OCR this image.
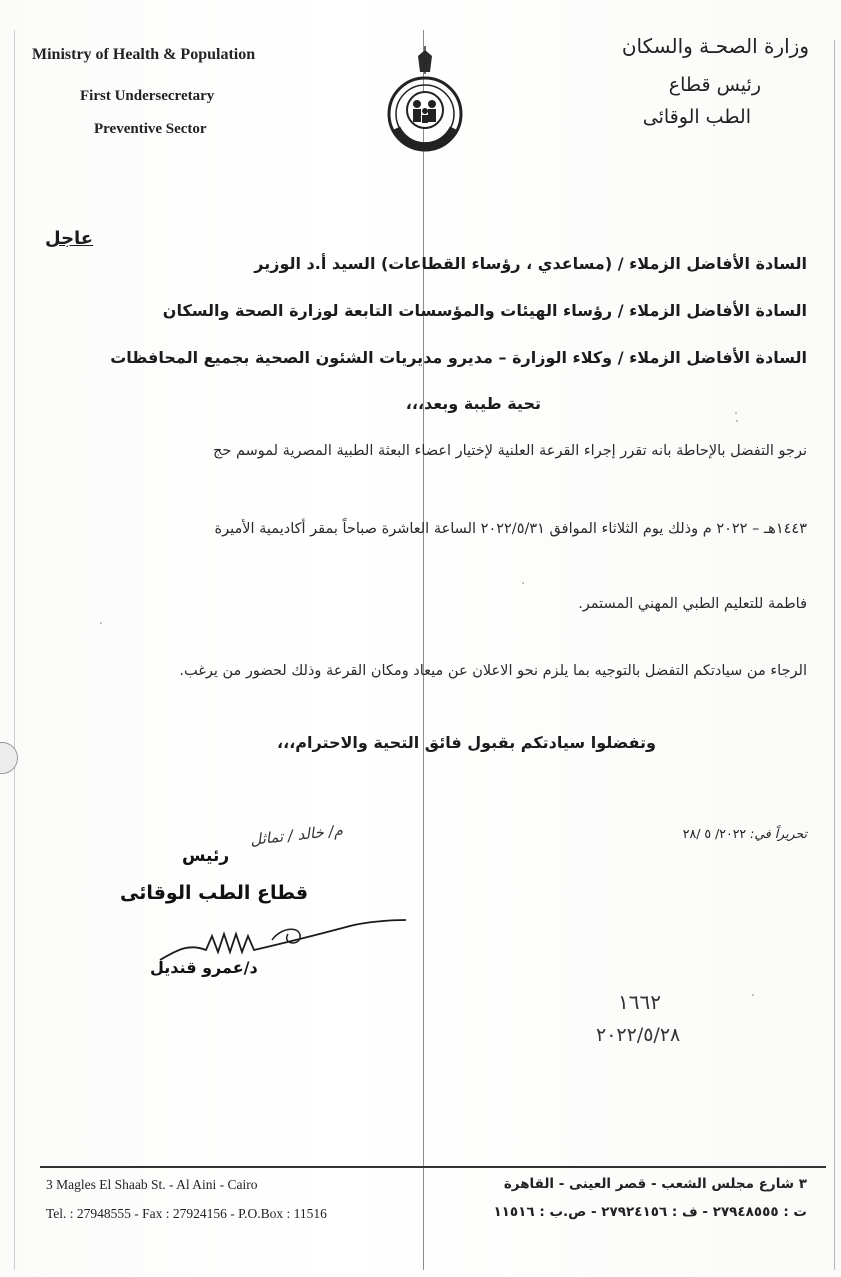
Ministry of Health & Population
First Undersecretary
Preventive Sector
وزارة الصحـة والسكان
رئيس قطاع
الطب الوقائى
عاجل
السادة الأفاضل الزملاء / (مساعدي ، رؤساء القطاعات) السيد أ.د الوزير
السادة الأفاضل الزملاء / رؤساء الهيئات والمؤسسات التابعة لوزارة الصحة والسكان
السادة الأفاضل الزملاء / وكلاء الوزارة – مديرو مديريات الشئون الصحية بجميع المحافظات
تحية طيبة وبعد،،،
نرجو التفضل بالإحاطة بانه تقرر إجراء القرعة العلنية لإختيار اعضاء البعثة الطبية المصرية لموسم حج
١٤٤٣هـ – ٢٠٢٢ م وذلك يوم الثلاثاء الموافق ٢٠٢٢/٥/٣١ الساعة العاشرة صباحاً بمقر أكاديمية الأميرة
فاطمة للتعليم الطبي المهني المستمر.
الرجاء من سيادتكم التفضل بالتوجيه بما يلزم نحو الاعلان عن ميعاد ومكان القرعة وذلك لحضور من يرغب.
وتفضلوا سيادتكم بقبول فائق التحية والاحترام،،،
تحريراً في: ٢٠٢٢/ ٥ /٢٨
رئيس
قطاع الطب الوقائى
م/ خالد / تماثل
د/عمرو قنديل
١٦٦٢
٢٠٢٢/٥/٢٨
3 Magles El Shaab St. - Al Aini - Cairo
Tel. : 27948555 - Fax : 27924156 - P.O.Box : 11516
٣ شارع مجلس الشعب - قصر العينى - القاهرة
ت : ٢٧٩٤٨٥٥٥ - ف : ٢٧٩٢٤١٥٦ - ص.ب : ١١٥١٦
